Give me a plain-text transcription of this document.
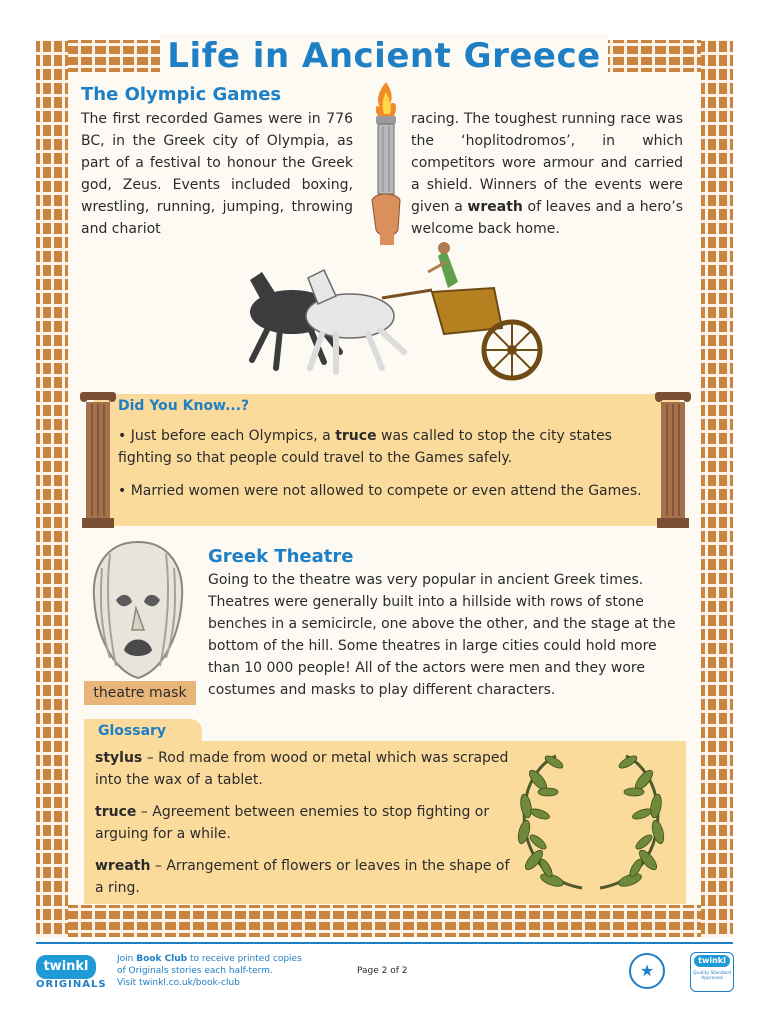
Life in Ancient Greece
The Olympic Games
The first recorded Games were in 776 BC, in the Greek city of Olympia, as part of a festival to honour the Greek god, Zeus. Events included boxing, wrestling, running, jumping, throwing and chariot
racing. The toughest running race was the ‘hoplitodromos’, in which competitors wore armour and carried a shield. Winners of the events were given a wreath of leaves and a hero’s welcome back home.
Did You Know...?
• Just before each Olympics, a truce was called to stop the city states fighting so that people could travel to the Games safely.
• Married women were not allowed to compete or even attend the Games.
theatre mask
Greek Theatre
Going to the theatre was very popular in ancient Greek times. Theatres were generally built into a hillside with rows of stone benches in a semicircle, one above the other, and the stage at the bottom of the hill. Some theatres in large cities could hold more than 10 000 people! All of the actors were men and they wore costumes and masks to play different characters.
Glossary
stylus – Rod made from wood or metal which was scraped into the wax of a tablet.
truce – Agreement between enemies to stop fighting or arguing for a while.
wreath – Arrangement of flowers or leaves in the shape of a ring.
twinkl
ORIGINALS
Join Book Club to receive printed copies
of Originals stories each half-term.
Visit twinkl.co.uk/book-club
Page 2 of 2	★
twinkl
Quality Standard Approved
